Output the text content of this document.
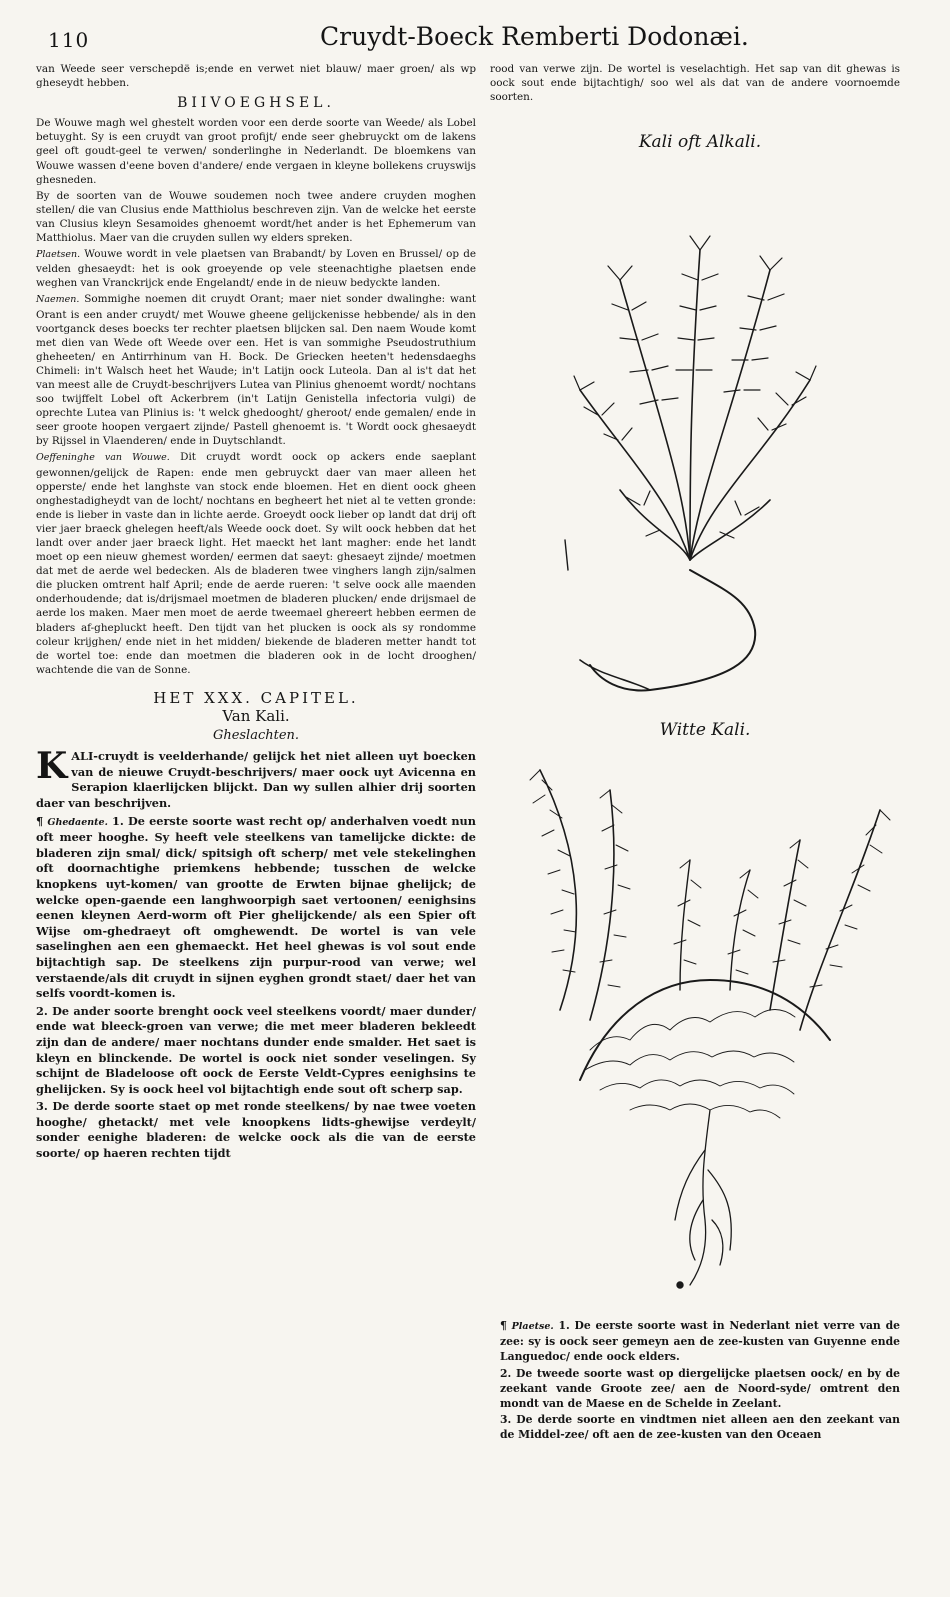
110	Cruydt-Boeck Remberti Dodonæi.

van Weede seer verschepdë is;ende en verwet niet blauw/ maer groen/ als wp gheseydt hebben.

BIIVOEGHSEL.

De Wouwe magh wel ghestelt worden voor een derde soorte van Weede/ als Lobel betuyght. Sy is een cruydt van groot profijt/ ende seer ghebruyckt om de lakens geel oft goudt-geel te verwen/ sonderlinghe in Nederlandt. De bloemkens van Wouwe wassen d'eene boven d'andere/ ende vergaen in kleyne bollekens cruyswijs ghesneden.

By de soorten van de Wouwe soudemen noch twee andere cruyden moghen stellen/ die van Clusius ende Matthiolus beschreven zijn. Van de welcke het eerste van Clusius kleyn Sesamoides ghenoemt wordt/het ander is het Ephemerum van Matthiolus. Maer van die cruyden sullen wy elders spreken.

Plaetsen. Wouwe wordt in vele plaetsen van Brabandt/ by Loven en Brussel/ op de velden ghesaeydt: het is ook groeyende op vele steenachtighe plaetsen ende weghen van Vranckrijck ende Engelandt/ ende in de nieuw bedyckte landen.

Naemen. Sommighe noemen dit cruydt Orant; maer niet sonder dwalinghe: want Orant is een ander cruydt/ met Wouwe gheene gelijckenisse hebbende/ als in den voortganck deses boecks ter rechter plaetsen blijcken sal. Den naem Woude komt met dien van Wede oft Weede over een. Het is van sommighe Pseudostruthium gheheeten/ en Antirrhinum van H. Bock. De Griecken heeten't hedensdaeghs Chimeli: in't Walsch heet het Waude; in't Latijn oock Luteola. Dan al is't dat het van meest alle de Cruydt-beschrijvers Lutea van Plinius ghenoemt wordt/ nochtans soo twijffelt Lobel oft Ackerbrem (in't Latijn Genistella infectoria vulgi) de oprechte Lutea van Plinius is: 't welck ghedooght/ gheroot/ ende gemalen/ ende in seer groote hoopen vergaert zijnde/ Pastell ghenoemt is. 't Wordt oock ghesaeydt by Rijssel in Vlaenderen/ ende in Duytschlandt.

Oeffeninghe van Wouwe. Dit cruydt wordt oock op ackers ende saeplant gewonnen/gelijck de Rapen: ende men gebruyckt daer van maer alleen het opperste/ ende het langhste van stock ende bloemen. Het en dient oock gheen onghestadigheydt van de locht/ nochtans en begheert het niet al te vetten gronde: ende is lieber in vaste dan in lichte aerde. Groeydt oock lieber op landt dat drij oft vier jaer braeck ghelegen heeft/als Weede oock doet. Sy wilt oock hebben dat het landt over ander jaer braeck light. Het maeckt het lant magher: ende het landt moet op een nieuw ghemest worden/ eermen dat saeyt: ghesaeyt zijnde/ moetmen dat met de aerde wel bedecken. Als de bladeren twee vinghers langh zijn/salmen die plucken omtrent half April; ende de aerde rueren: 't selve oock alle maenden onderhoudende; dat is/drijsmael moetmen de bladeren plucken/ ende drijsmael de aerde los maken. Maer men moet de aerde tweemael ghereert hebben eermen de bladers af-ghepluckt heeft. Den tijdt van het plucken is oock als sy rondomme coleur krijghen/ ende niet in het midden/ biekende de bladeren metter handt tot de wortel toe: ende dan moetmen die bladeren ook in de locht drooghen/ wachtende die van de Sonne.

HET XXX. CAPITEL.
Van Kali.
Gheslachten.

K ALI-cruydt is veelderhande/ gelijck het niet alleen uyt boecken van de nieuwe Cruydt-beschrijvers/ maer oock uyt Avicenna en Serapion klaerlijcken blijckt. Dan wy sullen alhier drij soorten daer van beschrijven.

¶ Ghedaente. 1. De eerste soorte wast recht op/ anderhalven voedt nun oft meer hooghe. Sy heeft vele steelkens van tamelijcke dickte: de bladeren zijn smal/ dick/ spitsigh oft scherp/ met vele stekelinghen oft doornachtighe priemkens hebbende; tusschen de welcke knopkens uyt-komen/ van grootte de Erwten bijnae ghelijck; de welcke open-gaende een langhwoorpigh saet vertoonen/ eenighsins eenen kleynen Aerd-worm oft Pier ghelijckende/ als een Spier oft Wijse om-ghedraeyt oft omghewendt. De wortel is van vele saselinghen aen een ghemaeckt. Het heel ghewas is vol sout ende bijtachtigh sap. De steelkens zijn purpur-rood van verwe; wel verstaende/als dit cruydt in sijnen eyghen grondt staet/ daer het van selfs voordt-komen is.

2. De ander soorte brenght oock veel steelkens voordt/ maer dunder/ ende wat bleeck-groen van verwe; die met meer bladeren bekleedt zijn dan de andere/ maer nochtans dunder ende smalder. Het saet is kleyn en blinckende. De wortel is oock niet sonder veselingen. Sy schijnt de Bladeloose oft oock de Eerste Veldt-Cypres eenighsins te ghelijcken. Sy is oock heel vol bijtachtigh ende sout oft scherp sap.

3. De derde soorte staet op met ronde steelkens/ by nae twee voeten hooghe/ ghetackt/ met vele knoopkens lidts-ghewijse verdeylt/ sonder eenighe bladeren: de welcke oock als die van de eerste soorte/ op haeren rechten tijdt

rood van verwe zijn. De wortel is veselachtigh. Het sap van dit ghewas is oock sout ende bijtachtigh/ soo wel als dat van de andere voornoemde soorten.

Kali oft Alkali.

Witte Kali.

¶ Plaetse. 1. De eerste soorte wast in Nederlant niet verre van de zee: sy is oock seer gemeyn aen de zee-kusten van Guyenne ende Languedoc/ ende oock elders.

2. De tweede soorte wast op diergelijcke plaetsen oock/ en by de zeekant vande Groote zee/ aen de Noord-syde/ omtrent den mondt van de Maese en de Schelde in Zeelant.

3. De derde soorte en vindtmen niet alleen aen den zeekant van de Middel-zee/ oft aen de zee-kusten van den Oceaen
